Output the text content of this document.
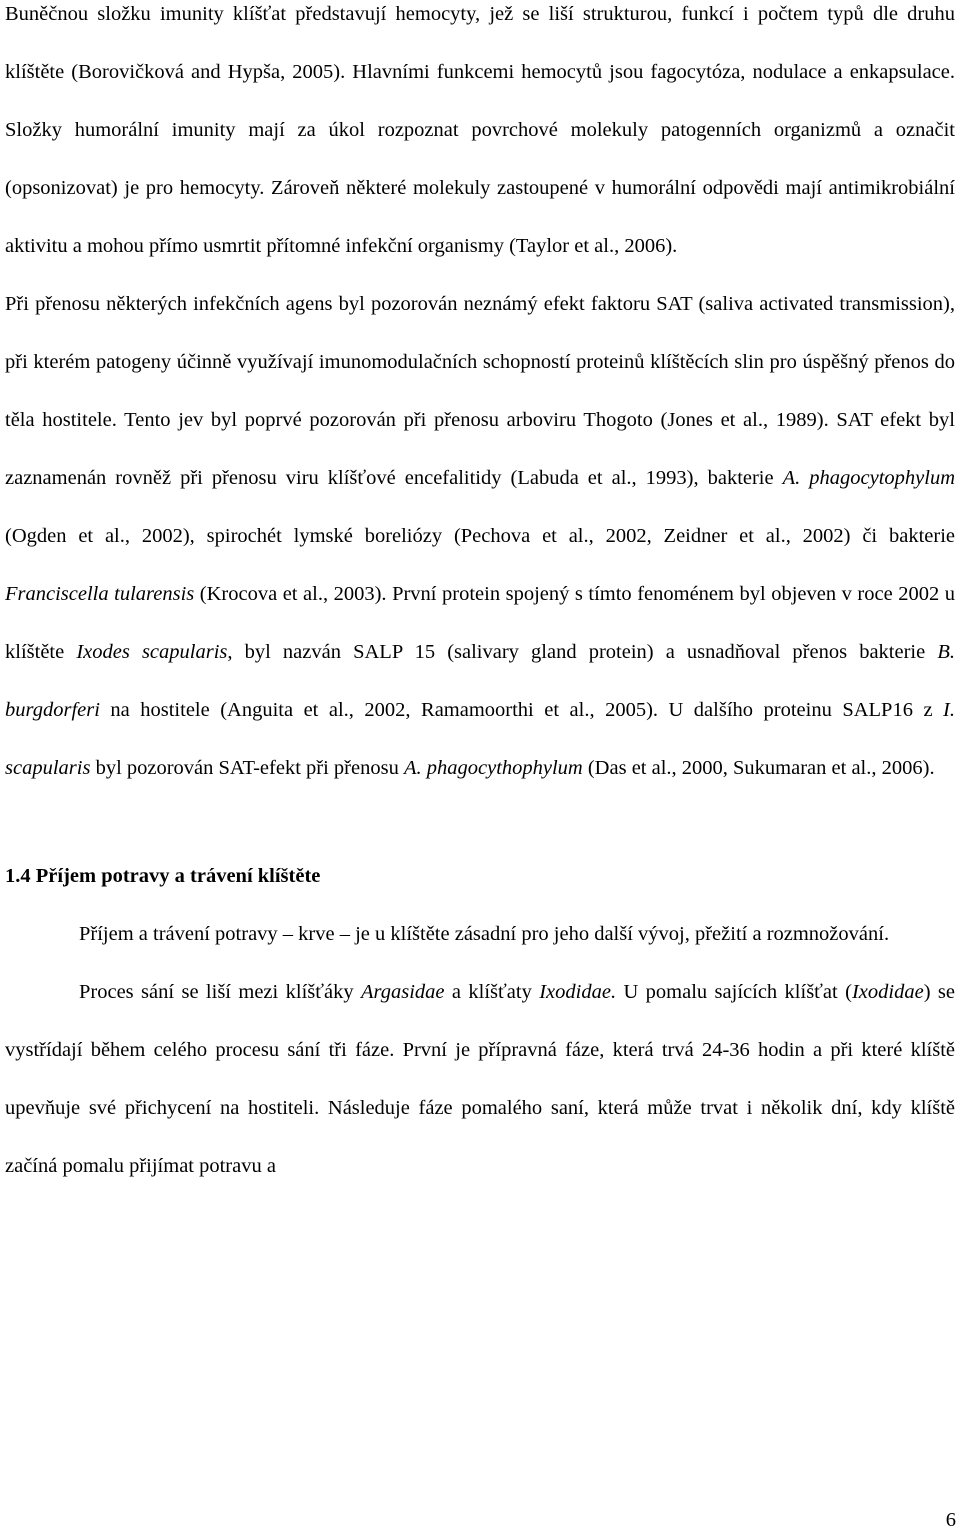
Buněčnou složku imunity klíšťat představují hemocyty, jež se liší strukturou, funkcí i počtem typů dle druhu klíštěte (Borovičková and Hypša, 2005). Hlavními funkcemi hemocytů jsou fagocytóza, nodulace a enkapsulace. Složky humorální imunity mají za úkol rozpoznat povrchové molekuly patogenních organizmů a označit (opsonizovat) je pro hemocyty. Zároveň některé molekuly zastoupené v humorální odpovědi mají antimikrobiální aktivitu a mohou přímo usmrtit přítomné infekční organismy (Taylor et al., 2006).

Při přenosu některých infekčních agens byl pozorován neznámý efekt faktoru SAT (saliva activated transmission), při kterém patogeny účinně využívají imunomodulačních schopností proteinů klíštěcích slin pro úspěšný přenos do těla hostitele. Tento jev byl poprvé pozorován při přenosu arboviru Thogoto (Jones et al., 1989). SAT efekt byl zaznamenán rovněž při přenosu viru klíšťové encefalitidy (Labuda et al., 1993), bakterie A. phagocytophylum (Ogden et al., 2002), spirochét lymské boreliózy (Pechova et al., 2002, Zeidner et al., 2002) či bakterie Franciscella tularensis (Krocova et al., 2003). První protein spojený s tímto fenoménem byl objeven v roce 2002 u klíštěte Ixodes scapularis, byl nazván SALP 15 (salivary gland protein) a usnadňoval přenos bakterie B. burgdorferi na hostitele (Anguita et al., 2002, Ramamoorthi et al., 2005). U dalšího proteinu SALP16 z I. scapularis byl pozorován SAT-efekt při přenosu A. phagocythophylum (Das et al., 2000, Sukumaran et al., 2006).

1.4 Příjem potravy a trávení klíštěte

Příjem a trávení potravy – krve – je u klíštěte zásadní pro jeho další vývoj, přežití a rozmnožování.

Proces sání se liší mezi klíšťáky Argasidae a klíšťaty Ixodidae. U pomalu sajících klíšťat (Ixodidae) se vystřídají během celého procesu sání tři fáze. První je přípravná fáze, která trvá 24-36 hodin a při které klíště upevňuje své přichycení na hostiteli. Následuje fáze pomalého saní, která může trvat i několik dní, kdy klíště začíná pomalu přijímat potravu a

6
